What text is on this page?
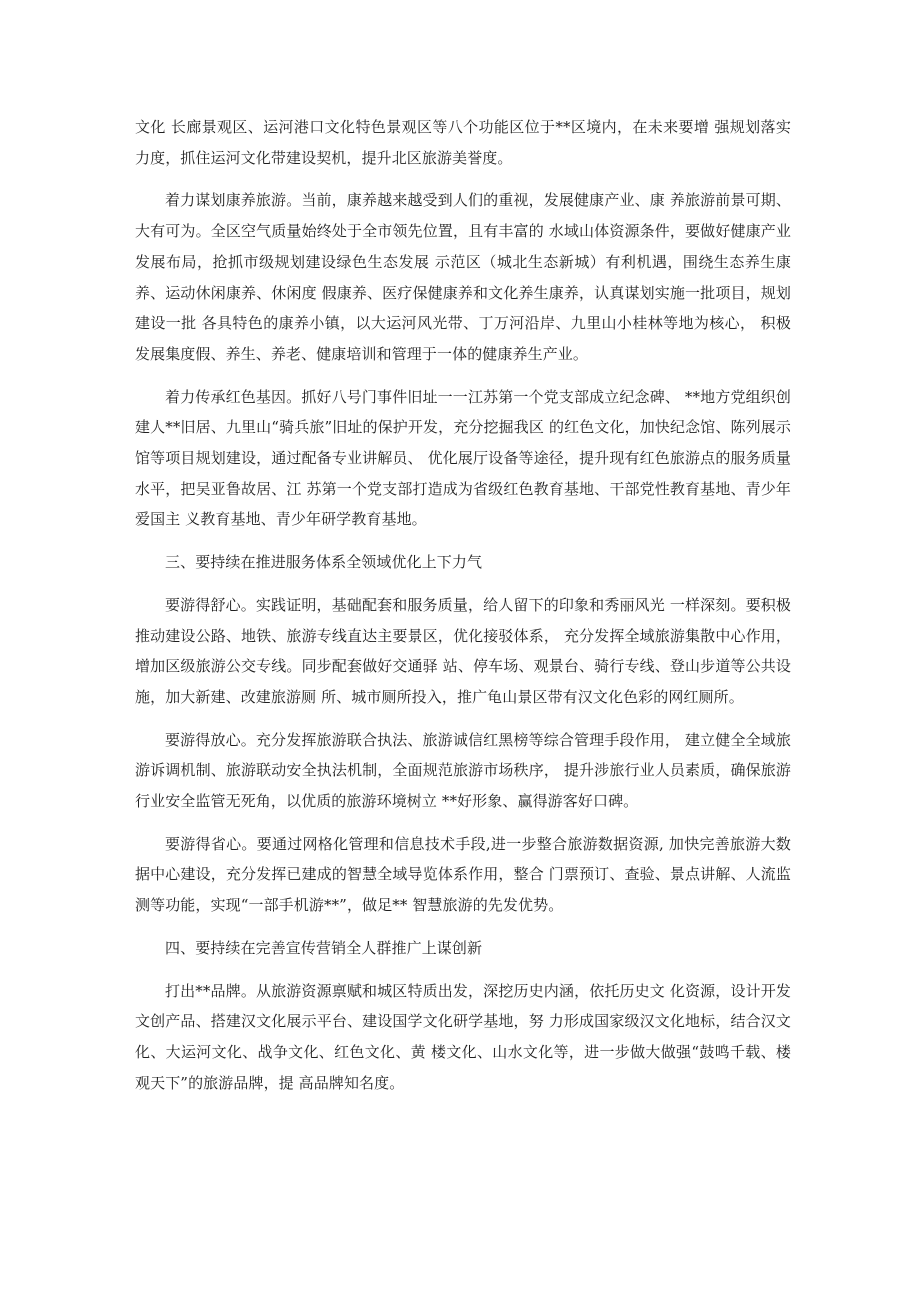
文化 长廊景观区、运河港口文化特色景观区等八个功能区位于**区境内，在未来要增 强规划落实力度，抓住运河文化带建设契机，提升北区旅游美誉度。

着力谋划康养旅游。当前，康养越来越受到人们的重视，发展健康产业、康 养旅游前景可期、大有可为。全区空气质量始终处于全市领先位置，且有丰富的 水域山体资源条件，要做好健康产业发展布局，抢抓市级规划建设绿色生态发展 示范区（城北生态新城）有利机遇，围绕生态养生康养、运动休闲康养、休闲度 假康养、医疗保健康养和文化养生康养，认真谋划实施一批项目，规划建设一批 各具特色的康养小镇，以大运河风光带、丁万河沿岸、九里山小桂林等地为核心， 积极发展集度假、养生、养老、健康培训和管理于一体的健康养生产业。

着力传承红色基因。抓好八号门事件旧址一一江苏第一个党支部成立纪念碑、 **地方党组织创建人**旧居、九里山“骑兵旅”旧址的保护开发，充分挖掘我区 的红色文化，加快纪念馆、陈列展示馆等项目规划建设，通过配备专业讲解员、 优化展厅设备等途径，提升现有红色旅游点的服务质量水平，把吴亚鲁故居、江 苏第一个党支部打造成为省级红色教育基地、干部党性教育基地、青少年爱国主 义教育基地、青少年研学教育基地。

三、要持续在推进服务体系全领域优化上下力气

要游得舒心。实践证明，基础配套和服务质量，给人留下的印象和秀丽风光 一样深刻。要积极推动建设公路、地铁、旅游专线直达主要景区，优化接驳体系， 充分发挥全域旅游集散中心作用，增加区级旅游公交专线。同步配套做好交通驿 站、停车场、观景台、骑行专线、登山步道等公共设施，加大新建、改建旅游厕 所、城市厕所投入，推广龟山景区带有汉文化色彩的网红厕所。

要游得放心。充分发挥旅游联合执法、旅游诚信红黑榜等综合管理手段作用， 建立健全全域旅游诉调机制、旅游联动安全执法机制，全面规范旅游市场秩序， 提升涉旅行业人员素质，确保旅游行业安全监管无死角，以优质的旅游环境树立 **好形象、赢得游客好口碑。

要游得省心。要通过网格化管理和信息技术手段,进一步整合旅游数据资源, 加快完善旅游大数据中心建设，充分发挥已建成的智慧全域导览体系作用，整合 门票预订、查验、景点讲解、人流监测等功能，实现“一部手机游**”，做足** 智慧旅游的先发优势。

四、要持续在完善宣传营销全人群推广上谋创新

打出**品牌。从旅游资源禀赋和城区特质出发，深挖历史内涵，依托历史文 化资源，设计开发文创产品、搭建汉文化展示平台、建设国学文化研学基地，努 力形成国家级汉文化地标，结合汉文化、大运河文化、战争文化、红色文化、黄 楼文化、山水文化等，进一步做大做强“鼓鸣千载、楼观天下”的旅游品牌，提 高品牌知名度。
